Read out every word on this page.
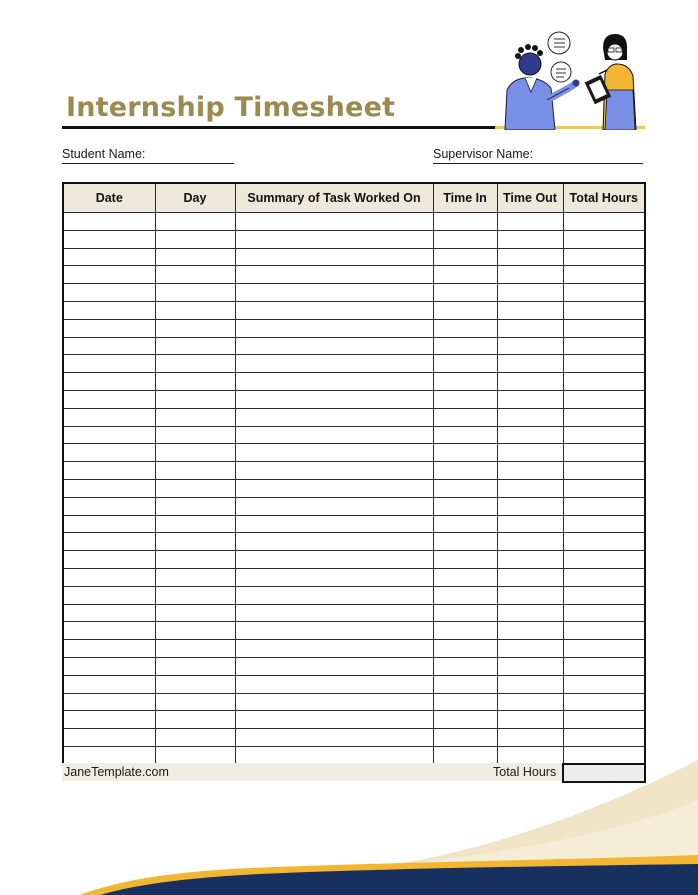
Internship Timesheet
Student Name:	Supervisor Name:
Date	Day	Summary of Task Worked On	Time In	Time Out	Total Hours

JaneTemplate.com	Total Hours
